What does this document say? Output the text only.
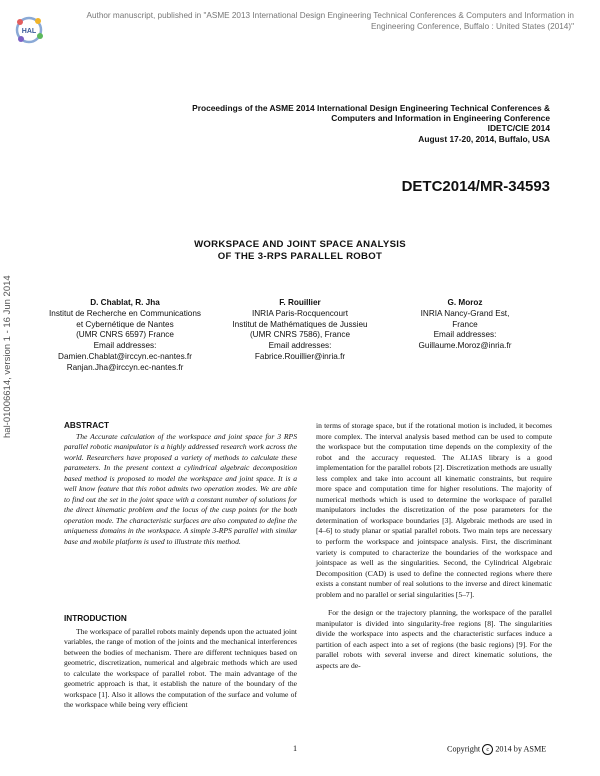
HAL
Author manuscript, published in "ASME 2013 International Design Engineering Technical Conferences & Computers and Information in Engineering Conference, Buffalo : United States (2014)"
hal-01006614, version 1 - 16 Jun 2014
Proceedings of the ASME 2014 International Design Engineering Technical Conferences &
Computers and Information in Engineering Conference
IDETC/CIE 2014
August 17-20, 2014, Buffalo, USA
DETC2014/MR-34593
WORKSPACE AND JOINT SPACE ANALYSIS
OF THE 3-RPS PARALLEL ROBOT
D. Chablat, R. Jha
Institut de Recherche en Communications
et Cybernétique de Nantes
(UMR CNRS 6597) France
Email addresses:
Damien.Chablat@irccyn.ec-nantes.fr
Ranjan.Jha@irccyn.ec-nantes.fr
F. Rouillier
INRIA Paris-Rocquencourt
Institut de Mathématiques de Jussieu
(UMR CNRS 7586), France
Email addresses:
Fabrice.Rouillier@inria.fr
G. Moroz
INRIA Nancy-Grand Est,
France
Email addresses:
Guillaume.Moroz@inria.fr
ABSTRACT
The Accurate calculation of the workspace and joint space for 3 RPS parallel robotic manipulator is a highly addressed research work across the world. Researchers have proposed a variety of methods to calculate these parameters. In the present context a cylindrical algebraic decomposition based method is proposed to model the workspace and joint space. It is a well know feature that this robot admits two operation modes. We are able to find out the set in the joint space with a constant number of solutions for the direct kinematic problem and the locus of the cusp points for the both operation mode. The characteristic surfaces are also computed to define the uniqueness domains in the workspace. A simple 3-RPS parallel with similar base and mobile platform is used to illustrate this method.
INTRODUCTION
The workspace of parallel robots mainly depends upon the actuated joint variables, the range of motion of the joints and the mechanical interferences between the bodies of mechanism. There are different techniques based on geometric, discretization, numerical and algebraic methods which are used to calculate the workspace of parallel robot. The main advantage of the geometric approach is that, it establish the nature of the boundary of the workspace [1]. Also it allows the computation of the surface and volume of the workspace while being very efficient

in terms of storage space, but if the rotational motion is included, it becomes more complex. The interval analysis based method can be used to compute the workspace but the computation time depends on the complexity of the robot and the accuracy requested. The ALIAS library is a good implementation for the parallel robots [2]. Discretization methods are usually less complex and take into account all kinematic constraints, but require more space and computation time for higher resolutions. The majority of numerical methods which is used to determine the workspace of parallel manipulators includes the discretization of the pose parameters for the determination of workspace boundaries [3]. Algebraic methods are used in [4–6] to study planar or spatial parallel robots. Two main teps are necessary to perform the workspace and jointspace analysis. First, the discriminant variety is computed to characterize the boundaries of the workspace and jointspace as well as the singularities. Second, the Cylindrical Algebraic Decomposition (CAD) is used to define the connected regions where there exists a constant number of real solutions to the inverse and direct kinematic problem and no parallel or serial singularities [5–7].

For the design or the trajectory planning, the workspace of the parallel manipulator is divided into singularity-free regions [8]. The singularities divide the workspace into aspects and the characteristic surfaces induce a partition of each aspect into a set of regions (the basic regions) [9]. For the parallel robots with several inverse and direct kinematic solutions, the aspects are de-

1	Copyright c 2014 by ASME
